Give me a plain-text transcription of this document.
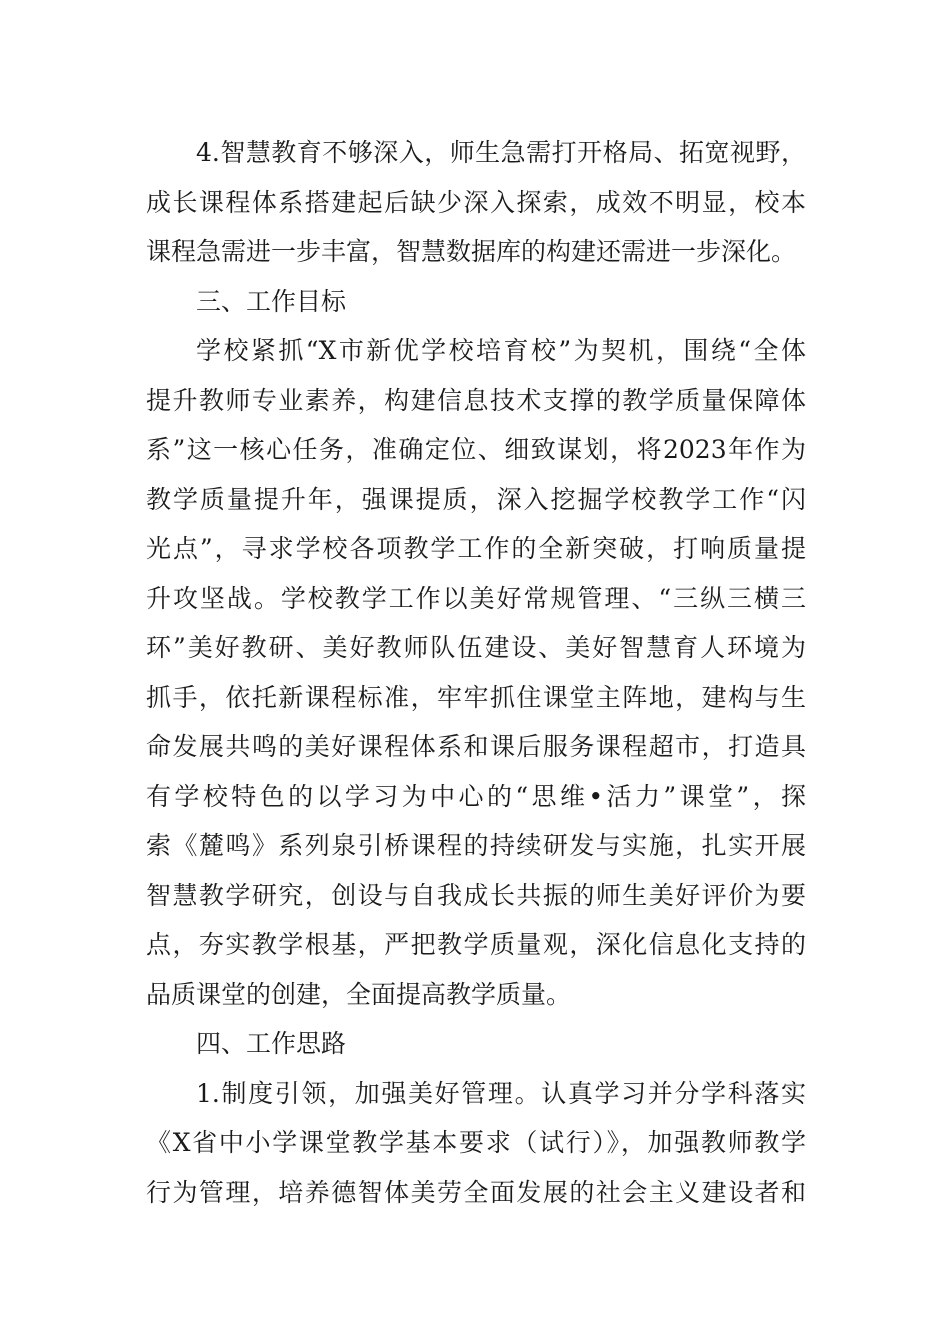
4.智慧教育不够深入，师生急需打开格局、拓宽视野，
成长课程体系搭建起后缺少深入探索，成效不明显，校本
课程急需进一步丰富，智慧数据库的构建还需进一步深化。
三、工作目标
学校紧抓“X市新优学校培育校”为契机，围绕“全体
提升教师专业素养，构建信息技术支撑的教学质量保障体
系”这一核心任务，准确定位、细致谋划，将2023年作为
教学质量提升年，强课提质，深入挖掘学校教学工作“闪
光点”，寻求学校各项教学工作的全新突破，打响质量提
升攻坚战。学校教学工作以美好常规管理、“三纵三横三
环”美好教研、美好教师队伍建设、美好智慧育人环境为
抓手，依托新课程标准，牢牢抓住课堂主阵地，建构与生
命发展共鸣的美好课程体系和课后服务课程超市，打造具
有学校特色的以学习为中心的“思维•活力”课堂”，探
索《麓鸣》系列泉引桥课程的持续研发与实施，扎实开展
智慧教学研究，创设与自我成长共振的师生美好评价为要
点，夯实教学根基，严把教学质量观，深化信息化支持的
品质课堂的创建，全面提高教学质量。
四、工作思路
1.制度引领，加强美好管理。认真学习并分学科落实
《X省中小学课堂教学基本要求（试行）》，加强教师教学
行为管理，培养德智体美劳全面发展的社会主义建设者和
